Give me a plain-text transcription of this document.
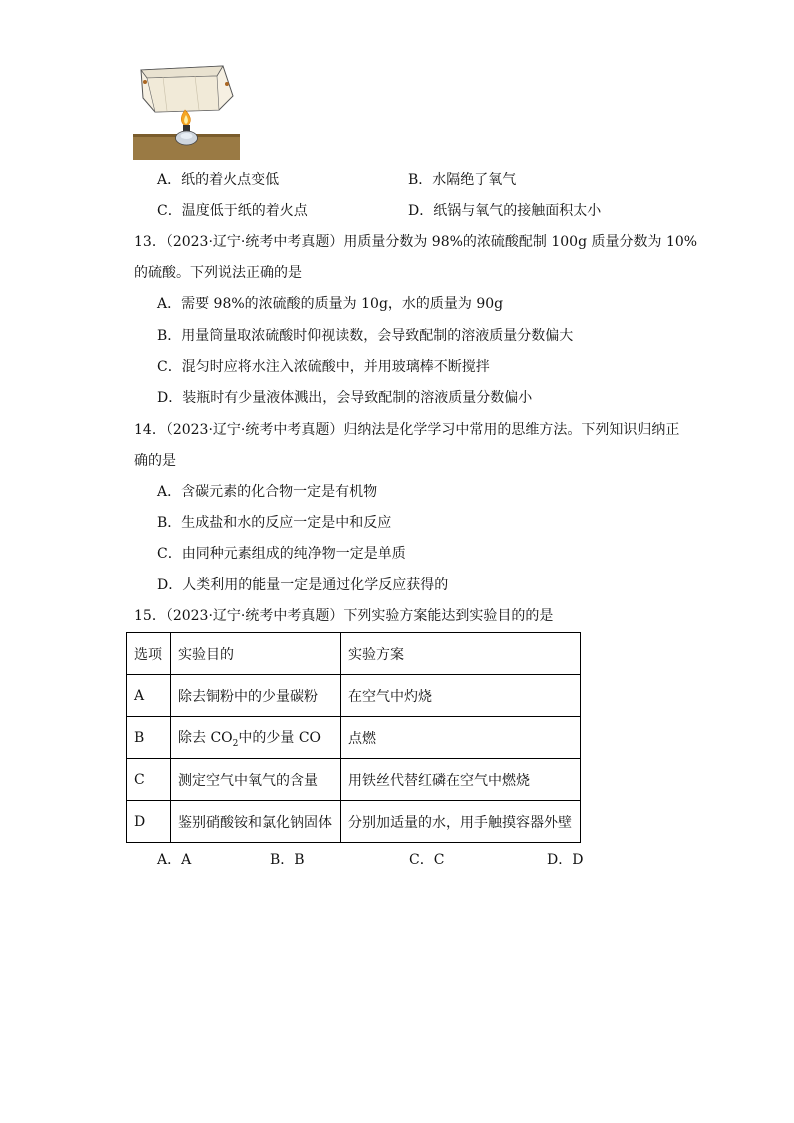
A．纸的着火点变低	B．水隔绝了氧气
C．温度低于纸的着火点	D．纸锅与氧气的接触面积太小
13．（2023·辽宁·统考中考真题）用质量分数为 98%的浓硫酸配制 100g 质量分数为 10%
的硫酸。下列说法正确的是
A．需要 98%的浓硫酸的质量为 10g，水的质量为 90g
B．用量筒量取浓硫酸时仰视读数，会导致配制的溶液质量分数偏大
C．混匀时应将水注入浓硫酸中，并用玻璃棒不断搅拌
D．装瓶时有少量液体溅出，会导致配制的溶液质量分数偏小
14．（2023·辽宁·统考中考真题）归纳法是化学学习中常用的思维方法。下列知识归纳正
确的是
A．含碳元素的化合物一定是有机物
B．生成盐和水的反应一定是中和反应
C．由同种元素组成的纯净物一定是单质
D．人类利用的能量一定是通过化学反应获得的
15．（2023·辽宁·统考中考真题）下列实验方案能达到实验目的的是
选项	实验目的	实验方案
A	除去铜粉中的少量碳粉	在空气中灼烧
B	除去 $CO_2$中的少量 CO	点燃
C	测定空气中氧气的含量	用铁丝代替红磷在空气中燃烧
D	鉴别硝酸铵和氯化钠固体	分别加适量的水，用手触摸容器外壁
A．A	B．B	C．C	D．D
